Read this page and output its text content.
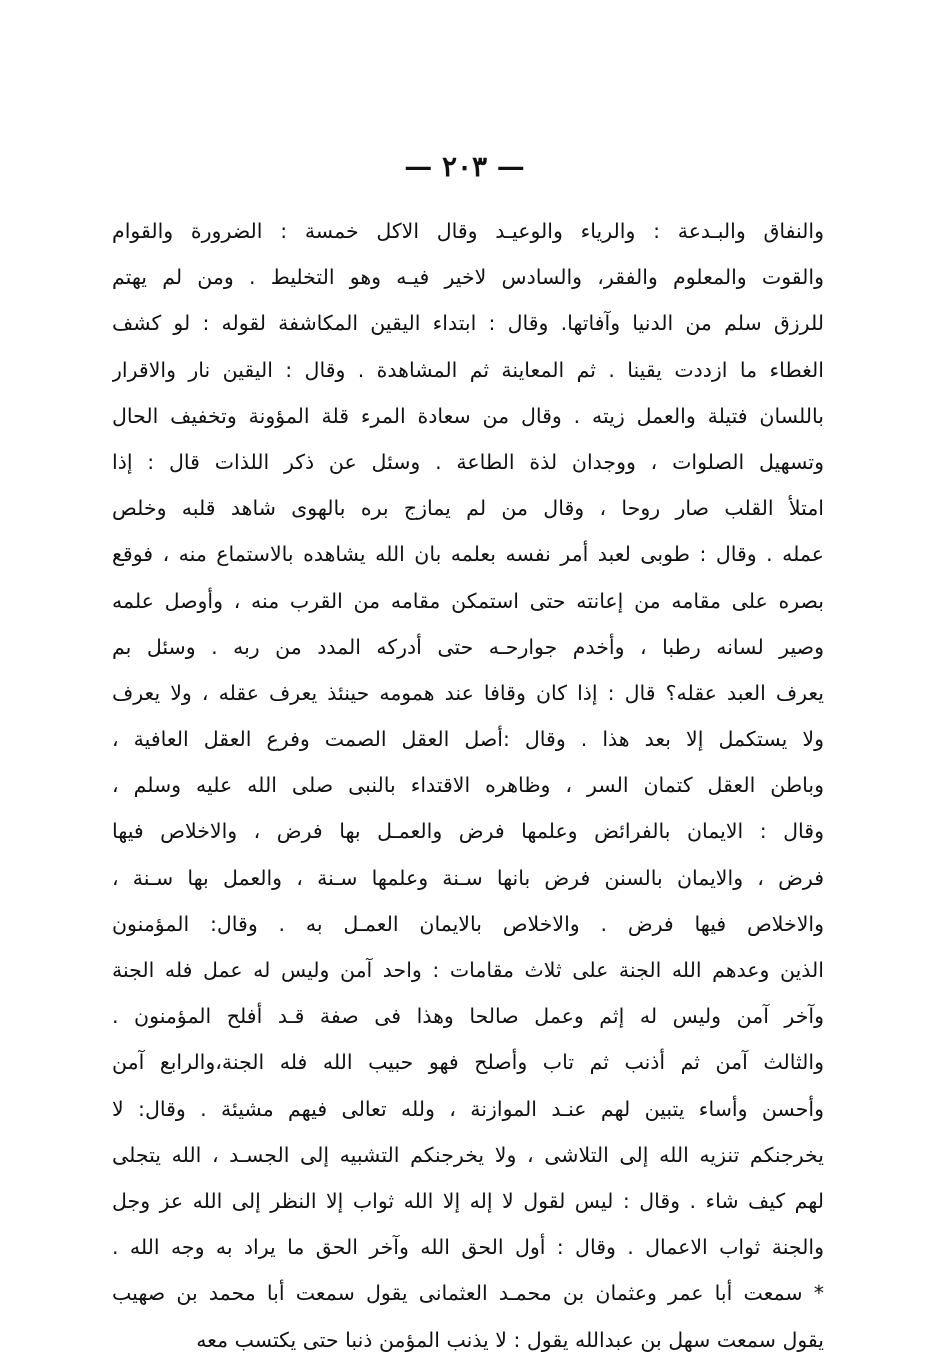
— ٢٠٣ —
والنفاق والبـدعة : والرياء والوعيـد وقال الاكل خمسة : الضرورة والقوام
والقوت والمعلوم والفقر، والسادس لاخير فيـه وهو التخليط . ومن لم يهتم
للرزق سلم من الدنيا وآفاتها. وقال : ابتداء اليقين المكاشفة لقوله : لو كشف
الغطاء ما ازددت يقينا . ثم المعاينة ثم المشاهدة . وقال : اليقين نار والاقرار
باللسان فتيلة والعمل زيته . وقال من سعادة المرء قلة المؤونة وتخفيف الحال
وتسهيل الصلوات ، ووجدان لذة الطاعة . وسئل عن ذكر اللذات قال : إذا
امتلأ القلب صار روحا ، وقال من لم يمازج بره بالهوى شاهد قلبه وخلص
عمله . وقال : طوبى لعبد أمر نفسه بعلمه بان الله يشاهده بالاستماع منه ، فوقع
بصره على مقامه من إعانته حتى استمكن مقامه من القرب منه ، وأوصل علمه
وصير لسانه رطبا ، وأخدم جوارحـه حتى أدركه المدد من ربه . وسئل بم
يعرف العبد عقله؟ قال : إذا كان وقافا عند همومه حينئذ يعرف عقله ، ولا يعرف
ولا يستكمل إلا بعد هذا . وقال :أصل العقل الصمت وفرع العقل العافية ،
وباطن العقل كتمان السر ، وظاهره الاقتداء بالنبى صلى الله عليه وسلم ،
وقال : الايمان بالفرائض وعلمها فرض والعمـل بها فرض ، والاخلاص فيها
فرض ، والايمان بالسنن فرض بانها سـنة وعلمها سـنة ، والعمل بها سـنة ،
والاخلاص فيها فرض . والاخلاص بالايمان العمـل به . وقال: المؤمنون
الذين وعدهم الله الجنة على ثلاث مقامات : واحد آمن وليس له عمل فله الجنة
وآخر آمن وليس له إثم وعمل صالحا وهذا فى صفة قـد أفلح المؤمنون .
والثالث آمن ثم أذنب ثم تاب وأصلح فهو حبيب الله فله الجنة،والرابع آمن
وأحسن وأساء يتبين لهم عنـد الموازنة ، ولله تعالى فيهم مشيئة . وقال: لا
يخرجنكم تنزيه الله إلى التلاشى ، ولا يخرجنكم التشبيه إلى الجسـد ، الله يتجلى
لهم كيف شاء . وقال : ليس لقول لا إله إلا الله ثواب إلا النظر إلى الله عز وجل
والجنة ثواب الاعمال . وقال : أول الحق الله وآخر الحق ما يراد به وجه الله .
* سمعت أبا عمر وعثمان بن محمـد العثمانى يقول سمعت أبا محمد بن صهيب
يقول سمعت سهل بن عبدالله يقول : لا يذنب المؤمن ذنبا حتى يكتسب معه
